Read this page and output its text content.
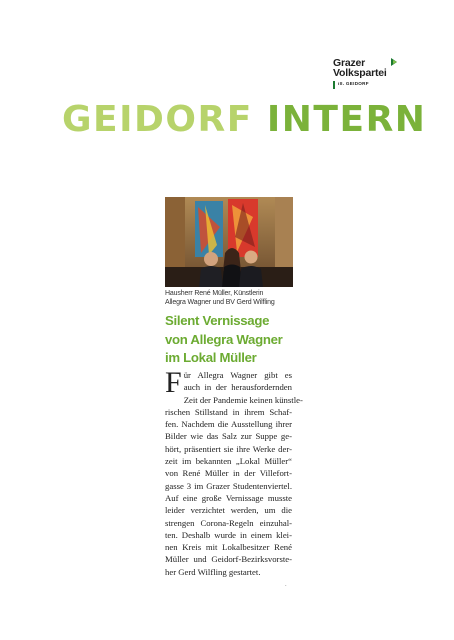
Grazer
Volkspartei
ıII. GEIDORF
GEIDORF INTERN
Hausherr René Müller, Künstlerin
Allegra Wagner und BV Gerd Wilfling
Silent Vernissage
von Allegra Wagner
im Lokal Müller
F ür Allegra Wagner gibt es
auch in der herausfordernden
Zeit der Pandemie keinen künstle-
rischen Stillstand in ihrem Schaf-
fen. Nachdem die Ausstellung ihrer
Bilder wie das Salz zur Suppe ge-
hört, präsentiert sie ihre Werke der-
zeit im bekannten „Lokal Müller“
von René Müller in der Villefort-
gasse 3 im Grazer Studentenviertel.
Auf eine große Vernissage musste
leider verzichtet werden, um die
strengen Corona-Regeln einzuhal-
ten. Deshalb wurde in einem klei-
nen Kreis mit Lokalbesitzer René
Müller und Geidorf-Bezirksvorste-
her Gerd Wilfling gestartet.
.
